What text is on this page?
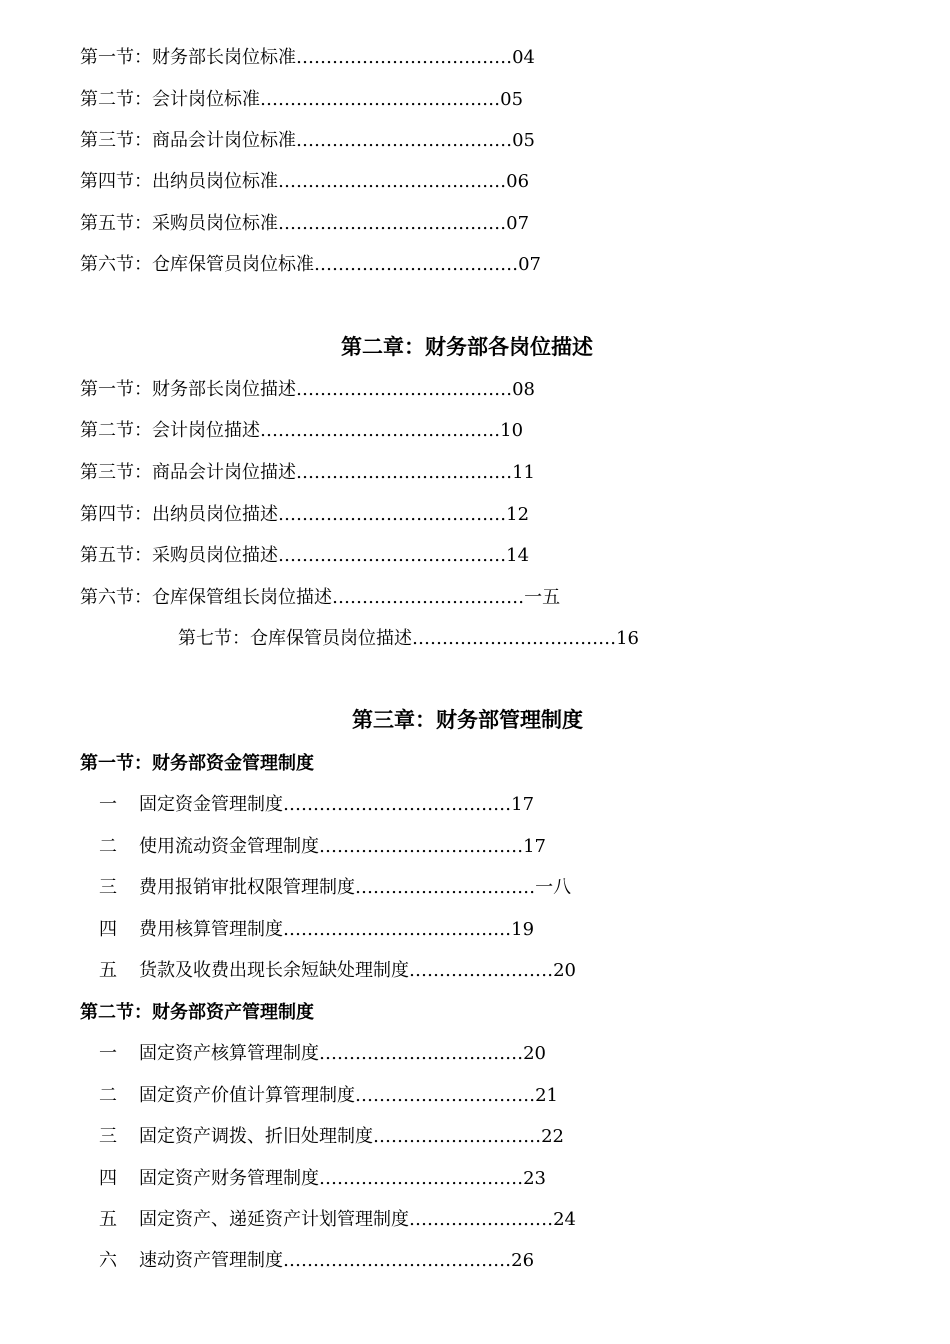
第一节：财务部长岗位标准‥‥‥‥‥‥‥‥‥‥‥‥‥‥‥‥‥‥04
第二节：会计岗位标准‥‥‥‥‥‥‥‥‥‥‥‥‥‥‥‥‥‥‥‥05
第三节：商品会计岗位标准‥‥‥‥‥‥‥‥‥‥‥‥‥‥‥‥‥‥05
第四节：出纳员岗位标准‥‥‥‥‥‥‥‥‥‥‥‥‥‥‥‥‥‥‥06
第五节：采购员岗位标准‥‥‥‥‥‥‥‥‥‥‥‥‥‥‥‥‥‥‥07
第六节：仓库保管员岗位标准‥‥‥‥‥‥‥‥‥‥‥‥‥‥‥‥‥07
第二章：财务部各岗位描述
第一节：财务部长岗位描述‥‥‥‥‥‥‥‥‥‥‥‥‥‥‥‥‥‥08
第二节：会计岗位描述‥‥‥‥‥‥‥‥‥‥‥‥‥‥‥‥‥‥‥‥10
第三节：商品会计岗位描述‥‥‥‥‥‥‥‥‥‥‥‥‥‥‥‥‥‥11
第四节：出纳员岗位描述‥‥‥‥‥‥‥‥‥‥‥‥‥‥‥‥‥‥‥12
第五节：采购员岗位描述‥‥‥‥‥‥‥‥‥‥‥‥‥‥‥‥‥‥‥14
第六节：仓库保管组长岗位描述‥‥‥‥‥‥‥‥‥‥‥‥‥‥‥‥一五
第七节：仓库保管员岗位描述‥‥‥‥‥‥‥‥‥‥‥‥‥‥‥‥‥16
第三章：财务部管理制度
第一节：财务部资金管理制度
一 固定资金管理制度‥‥‥‥‥‥‥‥‥‥‥‥‥‥‥‥‥‥‥17
二 使用流动资金管理制度‥‥‥‥‥‥‥‥‥‥‥‥‥‥‥‥‥17
三 费用报销审批权限管理制度‥‥‥‥‥‥‥‥‥‥‥‥‥‥‥一八
四 费用核算管理制度‥‥‥‥‥‥‥‥‥‥‥‥‥‥‥‥‥‥‥19
五 货款及收费出现长余短缺处理制度‥‥‥‥‥‥‥‥‥‥‥‥20
第二节：财务部资产管理制度
一 固定资产核算管理制度‥‥‥‥‥‥‥‥‥‥‥‥‥‥‥‥‥20
二 固定资产价值计算管理制度‥‥‥‥‥‥‥‥‥‥‥‥‥‥‥21
三 固定资产调拨、折旧处理制度‥‥‥‥‥‥‥‥‥‥‥‥‥‥22
四 固定资产财务管理制度‥‥‥‥‥‥‥‥‥‥‥‥‥‥‥‥‥23
五 固定资产、递延资产计划管理制度‥‥‥‥‥‥‥‥‥‥‥‥24
六 速动资产管理制度‥‥‥‥‥‥‥‥‥‥‥‥‥‥‥‥‥‥‥26
